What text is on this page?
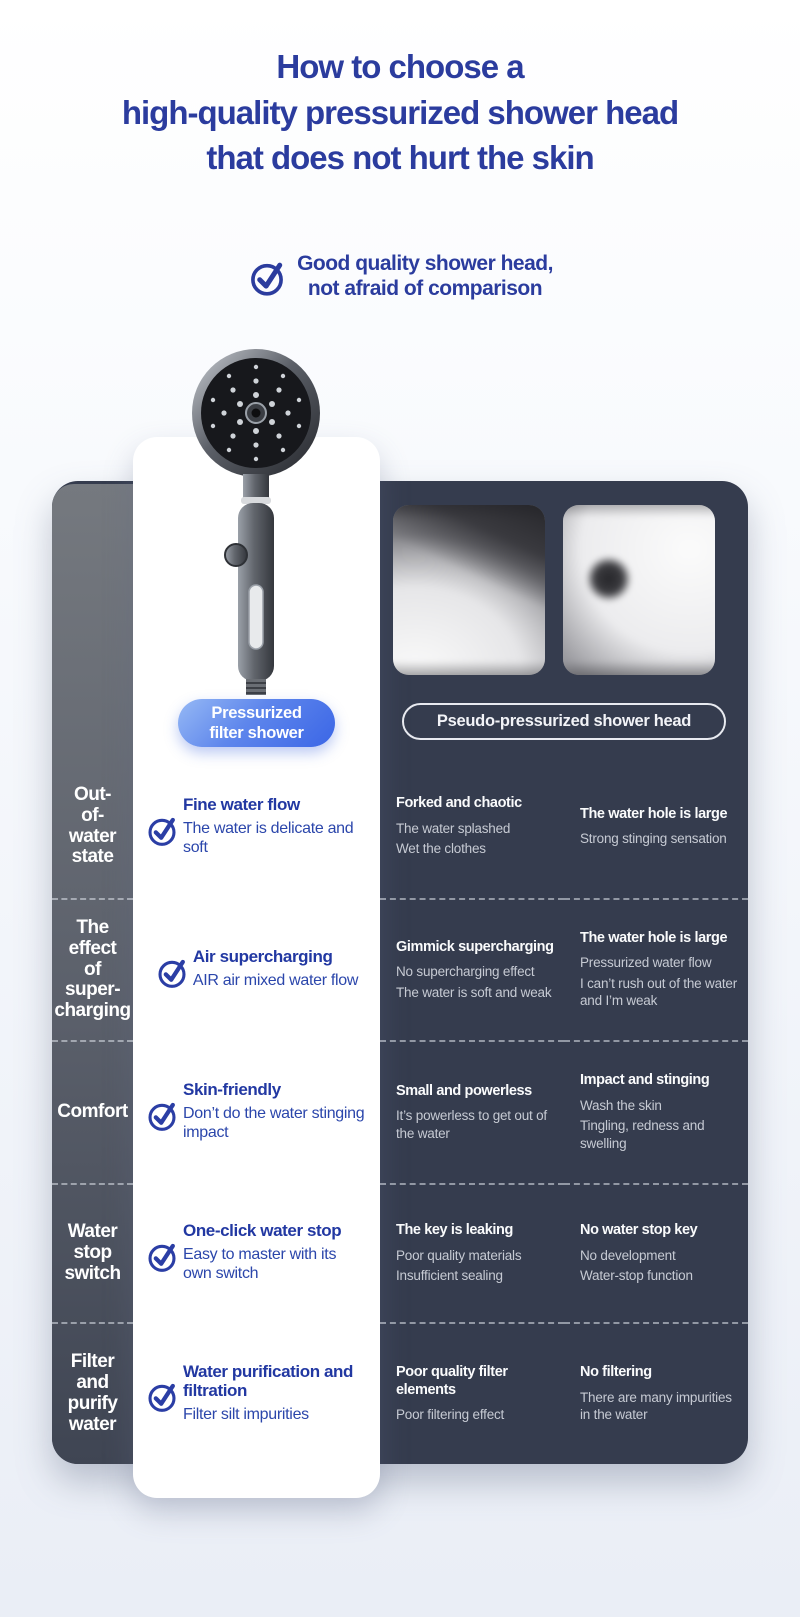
How to choose a
high-quality pressurized shower head
that does not hurt the skin
Good quality shower head,
not afraid of comparison
Pressurized
filter shower
Pseudo-pressurized shower head
Out-
of-
water
state
Fine water flow
The water is delicate and soft
Forked and chaotic
The water splashed
Wet the clothes
The water hole is large
Strong stinging sensation
The
effect
of
super-
charging
Air supercharging
AIR air mixed water flow
Gimmick supercharging
No supercharging effect
The water is soft and weak
The water hole is large
Pressurized water flow
I can’t rush out of the water and I’m weak
Comfort
Skin-friendly
Don’t do the water stinging impact
Small and powerless
It’s powerless to get out of the water
Impact and stinging
Wash the skin
Tingling, redness and swelling
Water
stop
switch
One-click water stop
Easy to master with its own switch
The key is leaking
Poor quality materials
Insufficient sealing
No water stop key
No development
Water-stop function
Filter
and
purify
water
Water purification and filtration
Filter silt impurities
Poor quality filter elements
Poor filtering effect
No filtering
There are many impurities in the water
